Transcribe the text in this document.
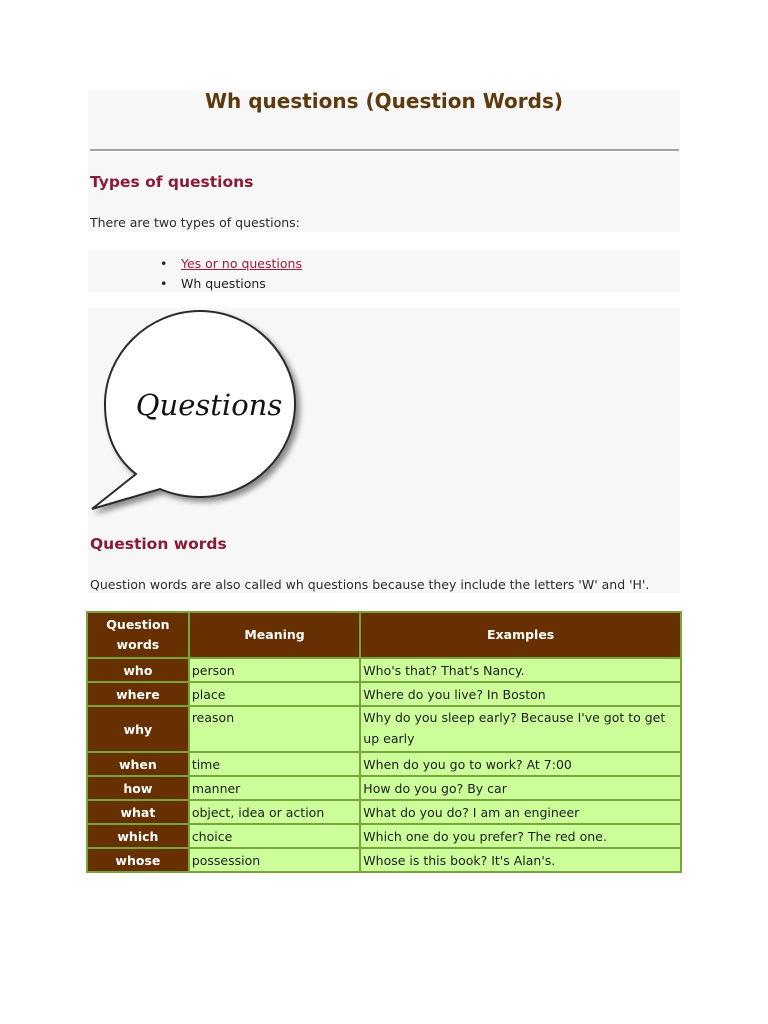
Wh questions (Question Words)
Types of questions
There are two types of questions:
• Yes or no questions
• Wh questions
Questions
Question words
Question words are also called wh questions because they include the letters 'W' and 'H'.
Question words	Meaning	Examples
who	person	Who's that? That's Nancy.
where	place	Where do you live? In Boston
why	reason	Why do you sleep early? Because I've got to get up early
when	time	When do you go to work? At 7:00
how	manner	How do you go? By car
what	object, idea or action	What do you do? I am an engineer
which	choice	Which one do you prefer? The red one.
whose	possession	Whose is this book? It's Alan's.
